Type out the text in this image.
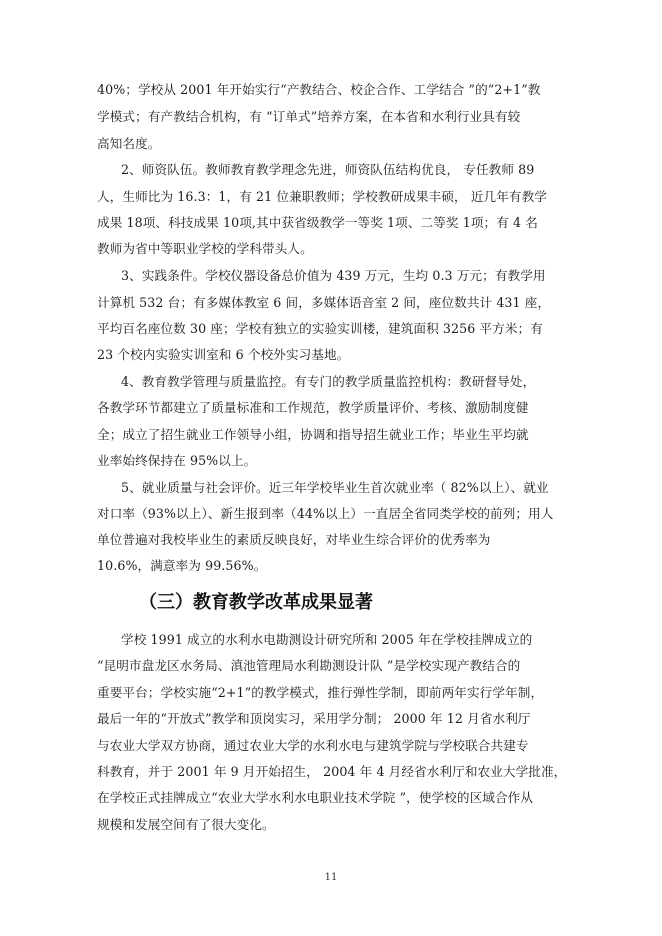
40%；学校从 2001 年开始实行“产教结合、校企合作、工学结合 ”的“2+1”教
学模式；有产教结合机构，有 “订单式”培养方案，在本省和水利行业具有较
高知名度。
2、师资队伍。教师教育教学理念先进，师资队伍结构优良， 专任教师 89
人，生师比为 16.3：1，有 21 位兼职教师；学校教研成果丰硕， 近几年有教学
成果 18项、科技成果 10项,其中获省级教学一等奖 1项、二等奖 1项；有 4 名
教师为省中等职业学校的学科带头人。
3、实践条件。学校仪器设备总价值为 439 万元，生均 0.3 万元；有教学用
计算机 532 台；有多媒体教室 6 间，多媒体语音室 2 间，座位数共计 431 座，
平均百名座位数 30 座；学校有独立的实验实训楼，建筑面积 3256 平方米；有
23 个校内实验实训室和 6 个校外实习基地。
4、教育教学管理与质量监控。有专门的教学质量监控机构：教研督导处，
各教学环节都建立了质量标准和工作规范，教学质量评价、考核、激励制度健
全；成立了招生就业工作领导小组，协调和指导招生就业工作；毕业生平均就
业率始终保持在 95%以上。
5、就业质量与社会评价。近三年学校毕业生首次就业率（ 82%以上）、就业
对口率（93%以上）、新生报到率（44%以上）一直居全省同类学校的前列；用人
单位普遍对我校毕业生的素质反映良好，对毕业生综合评价的优秀率为
10.6%，满意率为 99.56%。
（三）教育教学改革成果显著
学校 1991 成立的水利水电勘测设计研究所和 2005 年在学校挂牌成立的
“昆明市盘龙区水务局、滇池管理局水利勘测设计队 ”是学校实现产教结合的
重要平台；学校实施“2+1”的教学模式，推行弹性学制，即前两年实行学年制，
最后一年的“开放式”教学和顶岗实习，采用学分制； 2000 年 12 月省水利厅
与农业大学双方协商，通过农业大学的水利水电与建筑学院与学校联合共建专
科教育，并于 2001 年 9 月开始招生， 2004 年 4 月经省水利厅和农业大学批准，
在学校正式挂牌成立“农业大学水利水电职业技术学院 ”，使学校的区域合作从
规模和发展空间有了很大变化。
11
